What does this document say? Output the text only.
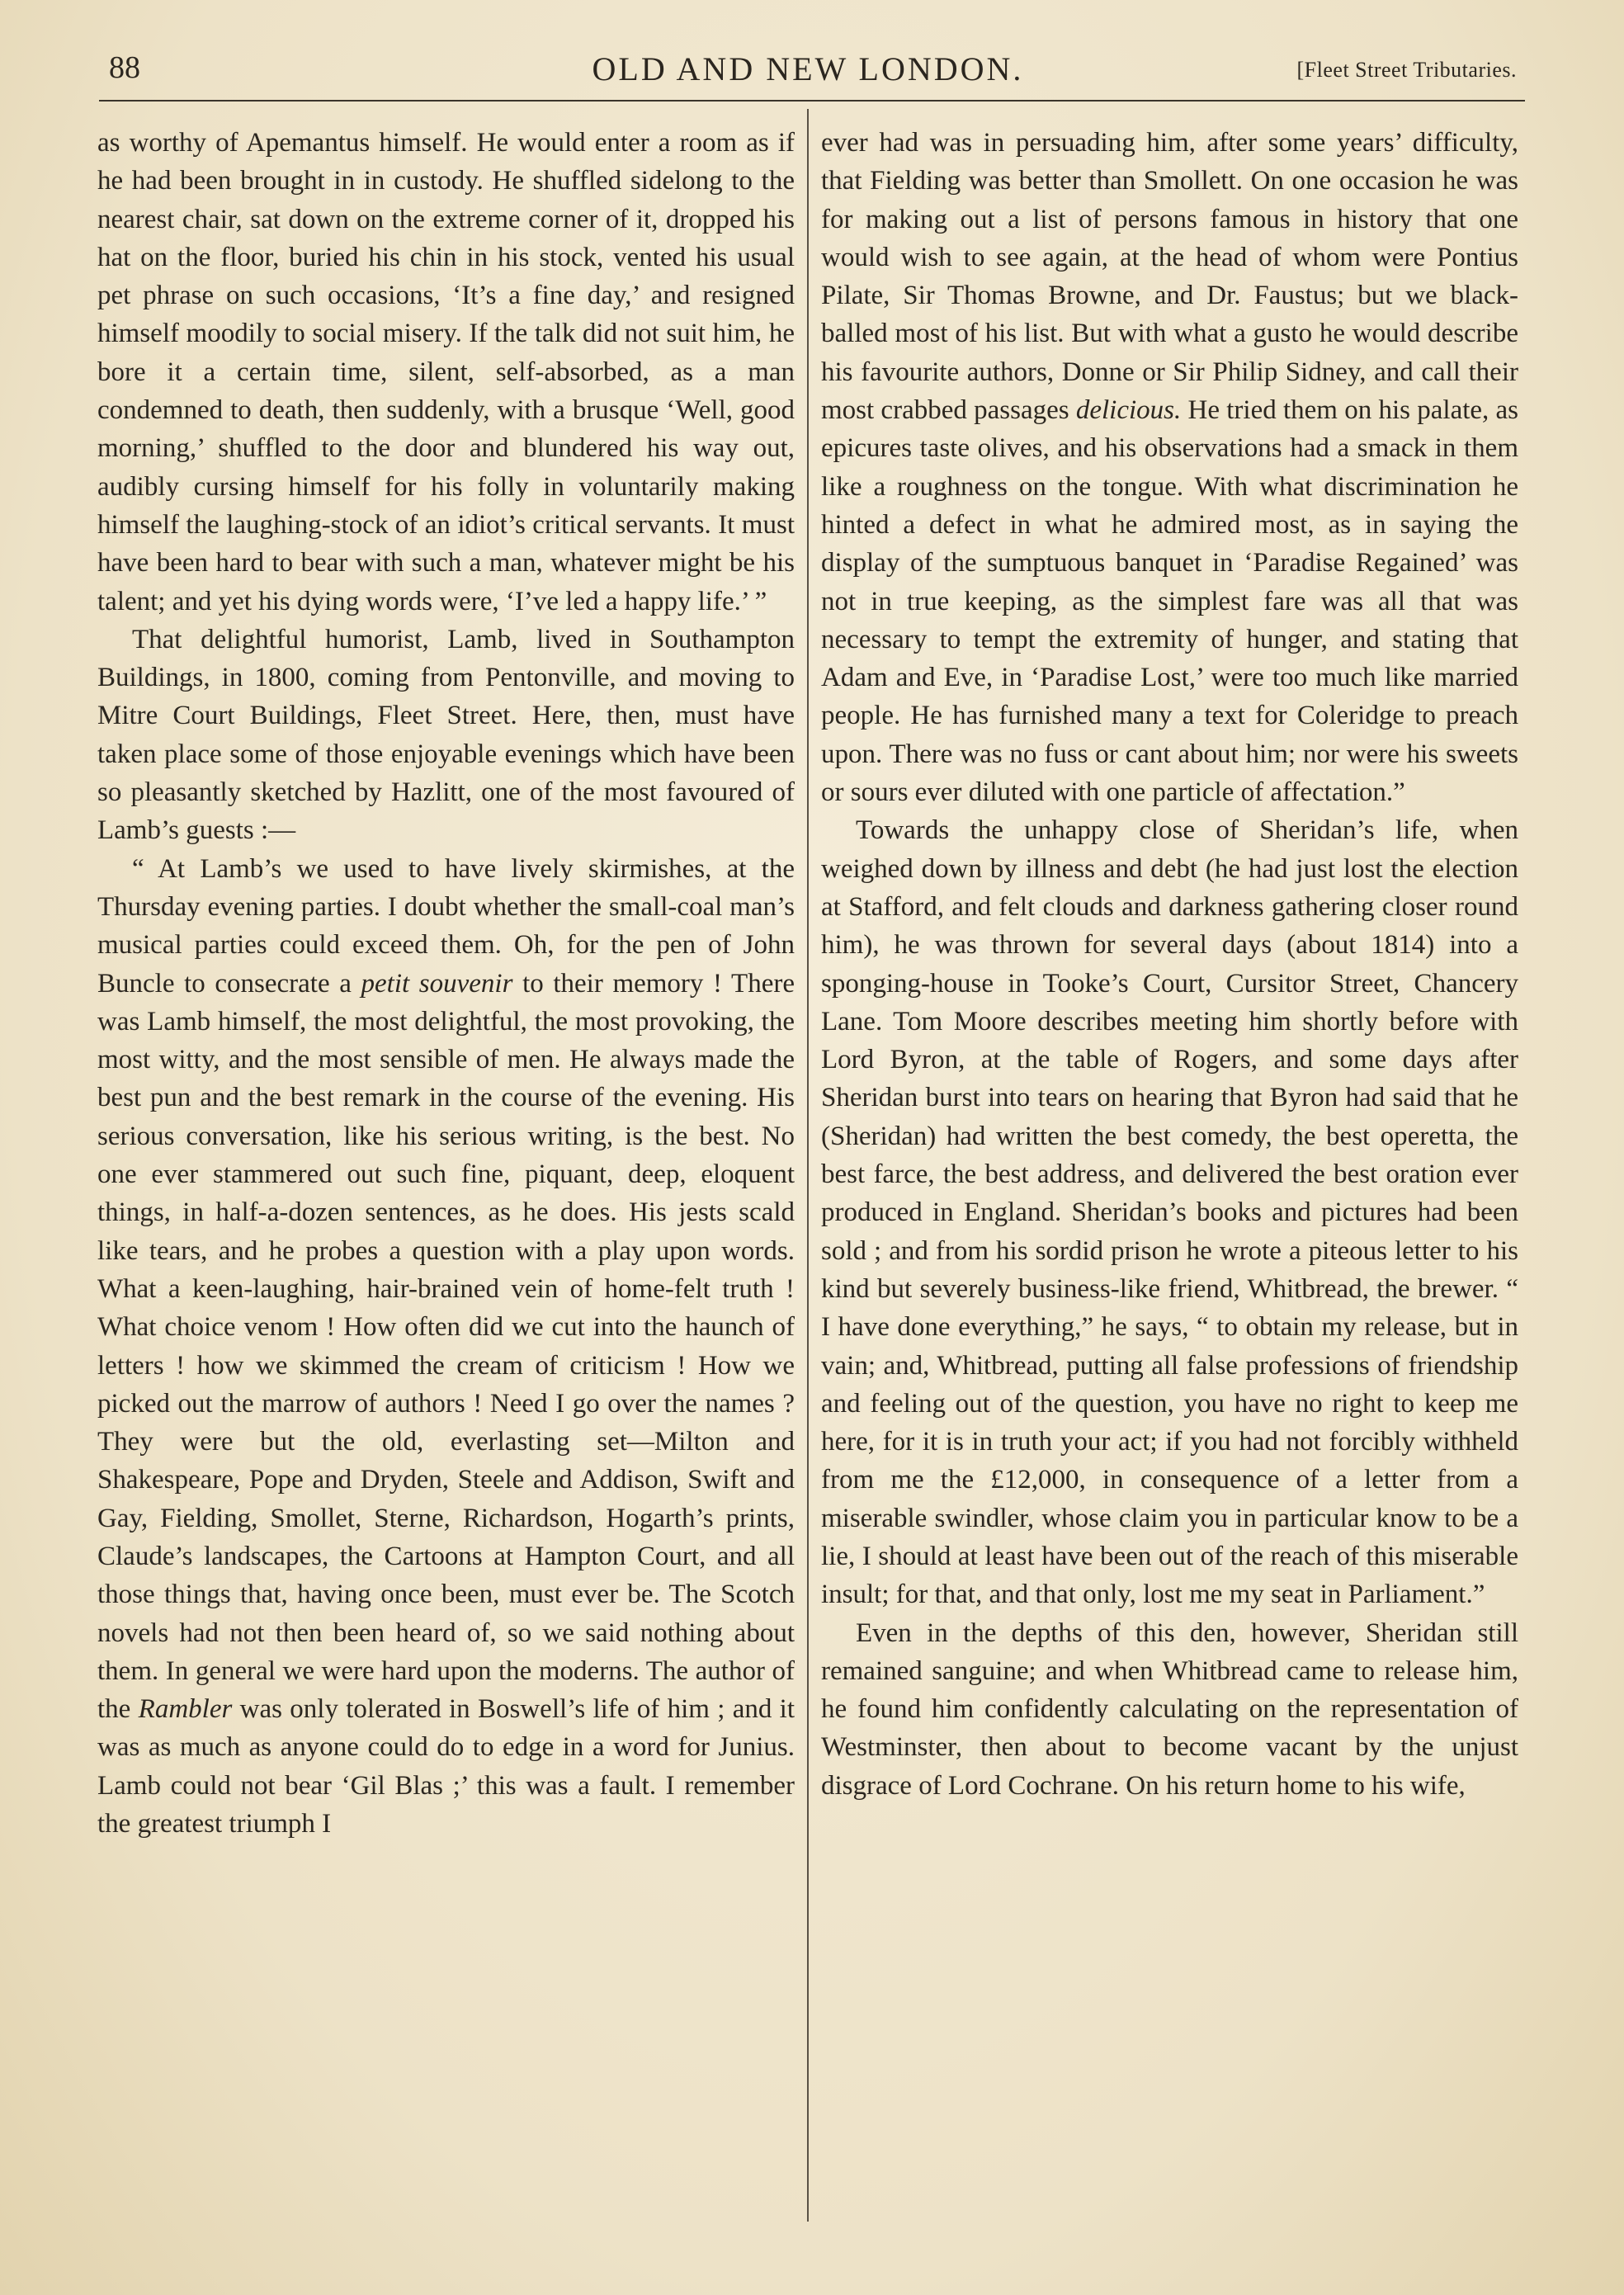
88	OLD AND NEW LONDON.	[Fleet Street Tributaries.

as worthy of Apemantus himself. He would enter a room as if he had been brought in in custody. He shuffled sidelong to the nearest chair, sat down on the extreme corner of it, dropped his hat on the floor, buried his chin in his stock, vented his usual pet phrase on such occasions, ‘It’s a fine day,’ and resigned himself moodily to social misery. If the talk did not suit him, he bore it a certain time, silent, self-absorbed, as a man condemned to death, then suddenly, with a brusque ‘Well, good morning,’ shuffled to the door and blundered his way out, audibly cursing himself for his folly in voluntarily making himself the laughing-stock of an idiot’s critical servants. It must have been hard to bear with such a man, whatever might be his talent; and yet his dying words were, ‘I’ve led a happy life.’ ”

That delightful humorist, Lamb, lived in Southampton Buildings, in 1800, coming from Pentonville, and moving to Mitre Court Buildings, Fleet Street. Here, then, must have taken place some of those enjoyable evenings which have been so pleasantly sketched by Hazlitt, one of the most favoured of Lamb’s guests :—

“ At Lamb’s we used to have lively skirmishes, at the Thursday evening parties. I doubt whether the small-coal man’s musical parties could exceed them. Oh, for the pen of John Buncle to consecrate a petit souvenir to their memory ! There was Lamb himself, the most delightful, the most provoking, the most witty, and the most sensible of men. He always made the best pun and the best remark in the course of the evening. His serious conversation, like his serious writing, is the best. No one ever stammered out such fine, piquant, deep, eloquent things, in half-a-dozen sentences, as he does. His jests scald like tears, and he probes a question with a play upon words. What a keen-laughing, hair-brained vein of home-felt truth ! What choice venom ! How often did we cut into the haunch of letters ! how we skimmed the cream of criticism ! How we picked out the marrow of authors ! Need I go over the names ? They were but the old, everlasting set—Milton and Shakespeare, Pope and Dryden, Steele and Addison, Swift and Gay, Fielding, Smollet, Sterne, Richardson, Hogarth’s prints, Claude’s landscapes, the Cartoons at Hampton Court, and all those things that, having once been, must ever be. The Scotch novels had not then been heard of, so we said nothing about them. In general we were hard upon the moderns. The author of the Rambler was only tolerated in Boswell’s life of him ; and it was as much as anyone could do to edge in a word for Junius. Lamb could not bear ‘Gil Blas ;’ this was a fault. I remember the greatest triumph I

ever had was in persuading him, after some years’ difficulty, that Fielding was better than Smollett. On one occasion he was for making out a list of persons famous in history that one would wish to see again, at the head of whom were Pontius Pilate, Sir Thomas Browne, and Dr. Faustus; but we black-balled most of his list. But with what a gusto he would describe his favourite authors, Donne or Sir Philip Sidney, and call their most crabbed passages delicious. He tried them on his palate, as epicures taste olives, and his observations had a smack in them like a roughness on the tongue. With what discrimination he hinted a defect in what he admired most, as in saying the display of the sumptuous banquet in ‘Paradise Regained’ was not in true keeping, as the simplest fare was all that was necessary to tempt the extremity of hunger, and stating that Adam and Eve, in ‘Paradise Lost,’ were too much like married people. He has furnished many a text for Coleridge to preach upon. There was no fuss or cant about him; nor were his sweets or sours ever diluted with one particle of affectation.”

Towards the unhappy close of Sheridan’s life, when weighed down by illness and debt (he had just lost the election at Stafford, and felt clouds and darkness gathering closer round him), he was thrown for several days (about 1814) into a sponging-house in Tooke’s Court, Cursitor Street, Chancery Lane. Tom Moore describes meeting him shortly before with Lord Byron, at the table of Rogers, and some days after Sheridan burst into tears on hearing that Byron had said that he (Sheridan) had written the best comedy, the best operetta, the best farce, the best address, and delivered the best oration ever produced in England. Sheridan’s books and pictures had been sold ; and from his sordid prison he wrote a piteous letter to his kind but severely business-like friend, Whitbread, the brewer. “ I have done everything,” he says, “ to obtain my release, but in vain; and, Whitbread, putting all false professions of friendship and feeling out of the question, you have no right to keep me here, for it is in truth your act; if you had not forcibly withheld from me the £12,000, in consequence of a letter from a miserable swindler, whose claim you in particular know to be a lie, I should at least have been out of the reach of this miserable insult; for that, and that only, lost me my seat in Parliament.”

Even in the depths of this den, however, Sheridan still remained sanguine; and when Whitbread came to release him, he found him confidently calculating on the representation of Westminster, then about to become vacant by the unjust disgrace of Lord Cochrane. On his return home to his wife,
